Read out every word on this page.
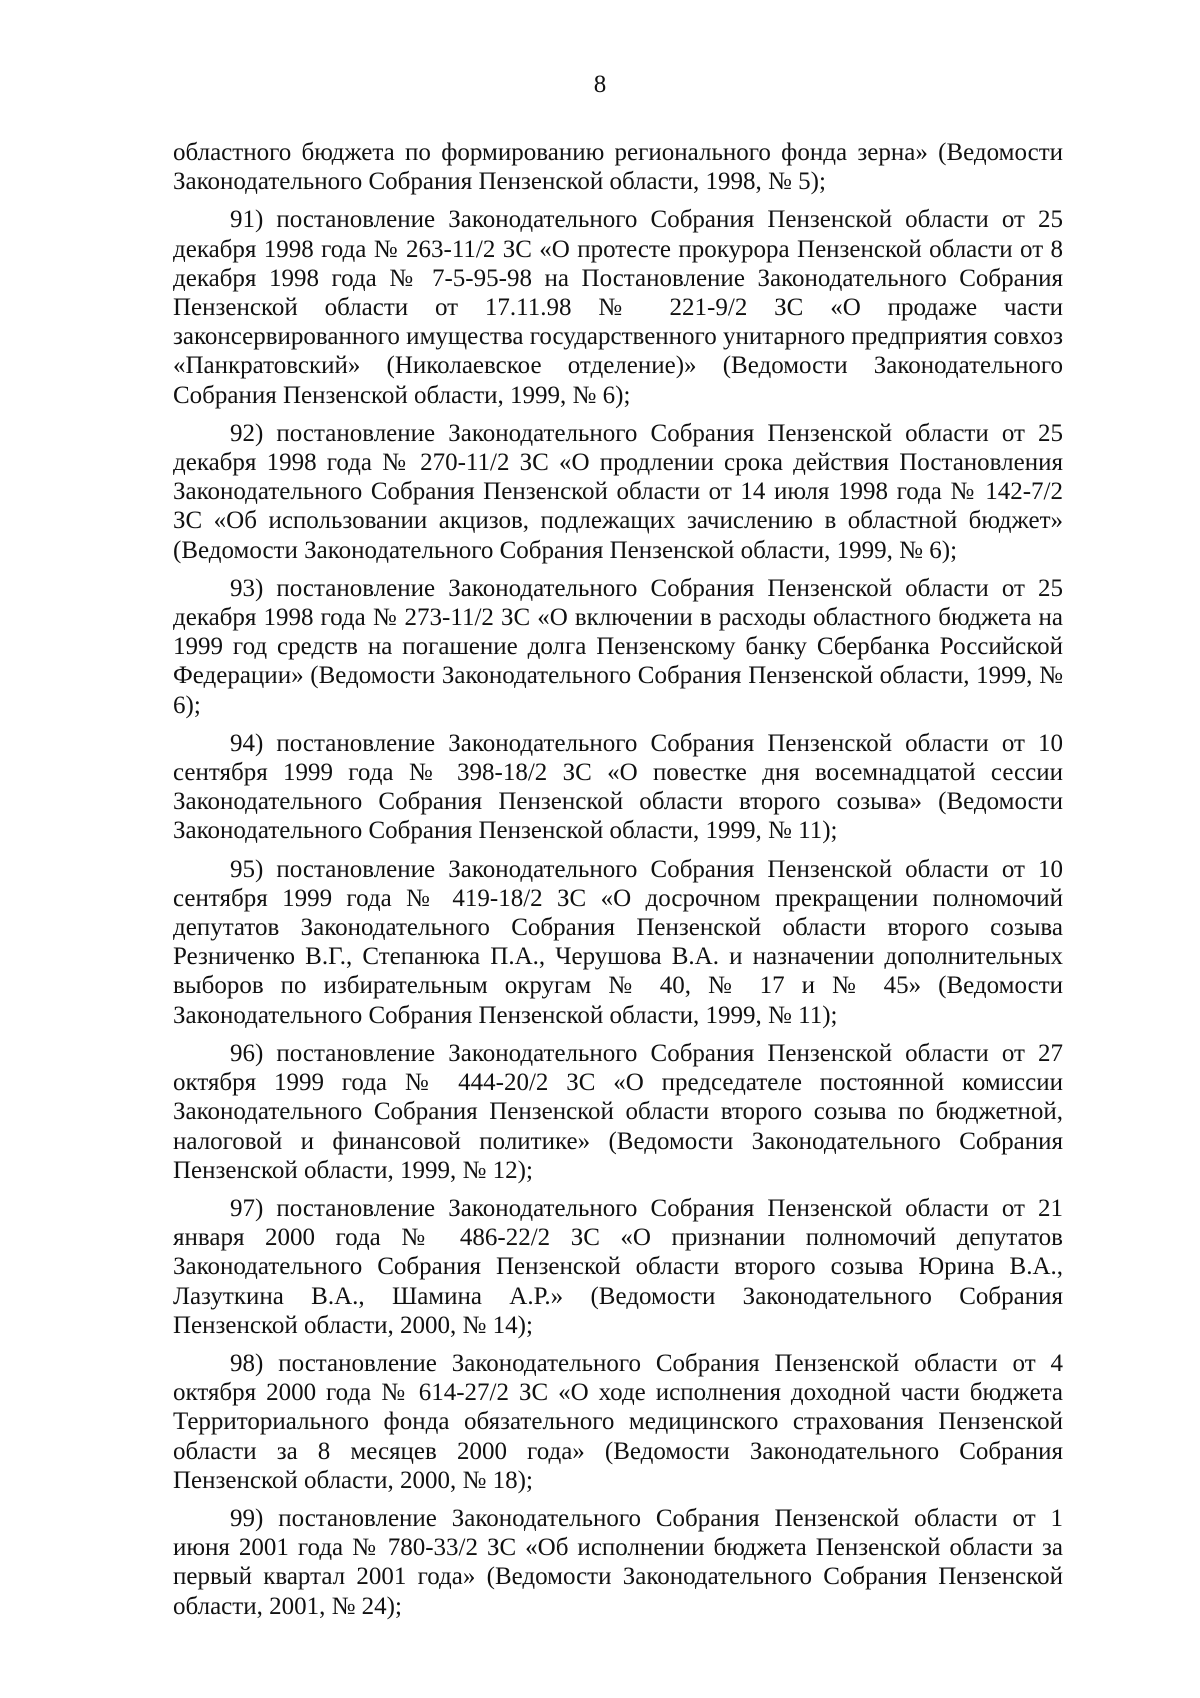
8

областного бюджета по формированию регионального фонда зерна» (Ведомости Законодательного Собрания Пензенской области, 1998, № 5);

91) постановление Законодательного Собрания Пензенской области от 25 декабря 1998 года № 263-11/2 ЗС «О протесте прокурора Пензенской области от 8 декабря 1998 года № 7-5-95-98 на Постановление Законодательного Собрания Пензенской области от 17.11.98 № 221-9/2 ЗС «О продаже части законсервированного имущества государственного унитарного предприятия совхоз «Панкратовский» (Николаевское отделение)» (Ведомости Законодательного Собрания Пензенской области, 1999, № 6);

92) постановление Законодательного Собрания Пензенской области от 25 декабря 1998 года № 270-11/2 ЗС «О продлении срока действия Постановления Законодательного Собрания Пензенской области от 14 июля 1998 года № 142-7/2 ЗС «Об использовании акцизов, подлежащих зачислению в областной бюджет» (Ведомости Законодательного Собрания Пензенской области, 1999, № 6);

93) постановление Законодательного Собрания Пензенской области от 25 декабря 1998 года № 273-11/2 ЗС «О включении в расходы областного бюджета на 1999 год средств на погашение долга Пензенскому банку Сбербанка Российской Федерации» (Ведомости Законодательного Собрания Пензенской области, 1999, № 6);

94) постановление Законодательного Собрания Пензенской области от 10 сентября 1999 года № 398-18/2 ЗС «О повестке дня восемнадцатой сессии Законодательного Собрания Пензенской области второго созыва» (Ведомости Законодательного Собрания Пензенской области, 1999, № 11);

95) постановление Законодательного Собрания Пензенской области от 10 сентября 1999 года № 419-18/2 ЗС «О досрочном прекращении полномочий депутатов Законодательного Собрания Пензенской области второго созыва Резниченко В.Г., Степанюка П.А., Черушова В.А. и назначении дополнительных выборов по избирательным округам № 40, № 17 и № 45» (Ведомости Законодательного Собрания Пензенской области, 1999, № 11);

96) постановление Законодательного Собрания Пензенской области от 27 октября 1999 года № 444-20/2 ЗС «О председателе постоянной комиссии Законодательного Собрания Пензенской области второго созыва по бюджетной, налоговой и финансовой политике» (Ведомости Законодательного Собрания Пензенской области, 1999, № 12);

97) постановление Законодательного Собрания Пензенской области от 21 января 2000 года № 486-22/2 ЗС «О признании полномочий депутатов Законодательного Собрания Пензенской области второго созыва Юрина В.А., Лазуткина В.А., Шамина А.Р.» (Ведомости Законодательного Собрания Пензенской области, 2000, № 14);

98) постановление Законодательного Собрания Пензенской области от 4 октября 2000 года № 614-27/2 ЗС «О ходе исполнения доходной части бюджета Территориального фонда обязательного медицинского страхования Пензенской области за 8 месяцев 2000 года» (Ведомости Законодательного Собрания Пензенской области, 2000, № 18);

99) постановление Законодательного Собрания Пензенской области от 1 июня 2001 года № 780-33/2 ЗС «Об исполнении бюджета Пензенской области за первый квартал 2001 года» (Ведомости Законодательного Собрания Пензенской области, 2001, № 24);
